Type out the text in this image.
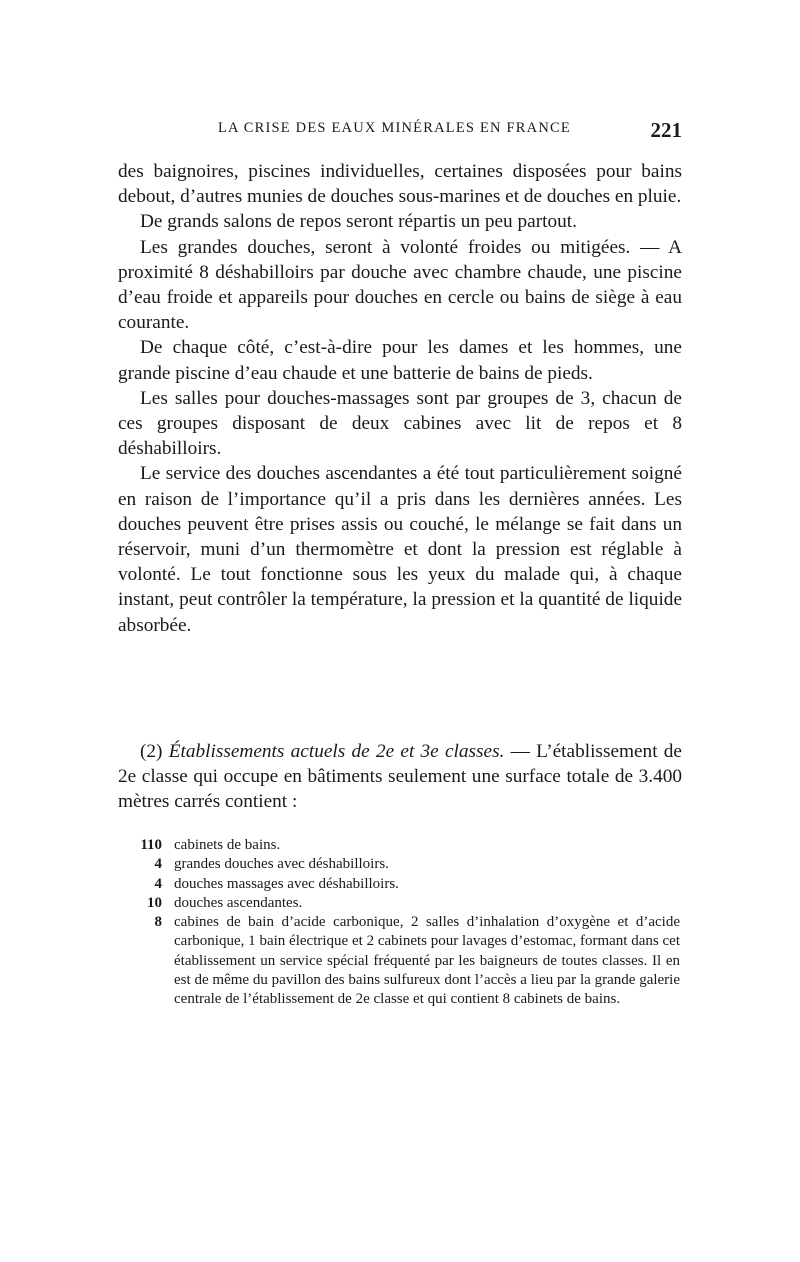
LA CRISE DES EAUX MINÉRALES EN FRANCE	221

des baignoires, piscines individuelles, certaines disposées pour bains debout, d’autres munies de douches sous-marines et de douches en pluie.

De grands salons de repos seront répartis un peu partout.

Les grandes douches, seront à volonté froides ou mitigées. — A proximité 8 déshabilloirs par douche avec chambre chaude, une piscine d’eau froide et appareils pour douches en cercle ou bains de siège à eau courante.

De chaque côté, c’est-à-dire pour les dames et les hommes, une grande piscine d’eau chaude et une batterie de bains de pieds.

Les salles pour douches-massages sont par groupes de 3, chacun de ces groupes disposant de deux cabines avec lit de repos et 8 déshabilloirs.

Le service des douches ascendantes a été tout particulièrement soigné en raison de l’importance qu’il a pris dans les dernières années. Les douches peuvent être prises assis ou couché, le mélange se fait dans un réservoir, muni d’un thermomètre et dont la pression est réglable à volonté. Le tout fonctionne sous les yeux du malade qui, à chaque instant, peut contrôler la température, la pression et la quantité de liquide absorbée.

(2) Établissements actuels de 2e et 3e classes. — L’établissement de 2e classe qui occupe en bâtiments seulement une surface totale de 3.400 mètres carrés contient :

110 cabinets de bains.
4 grandes douches avec déshabilloirs.
4 douches massages avec déshabilloirs.
10 douches ascendantes.
8 cabines de bain d’acide carbonique, 2 salles d’inhalation d’oxygène et d’acide carbonique, 1 bain électrique et 2 cabinets pour lavages d’estomac, formant dans cet établissement un service spécial fréquenté par les baigneurs de toutes classes. Il en est de même du pavillon des bains sulfureux dont l’accès a lieu par la grande galerie centrale de l’établissement de 2e classe et qui contient 8 cabinets de bains.
